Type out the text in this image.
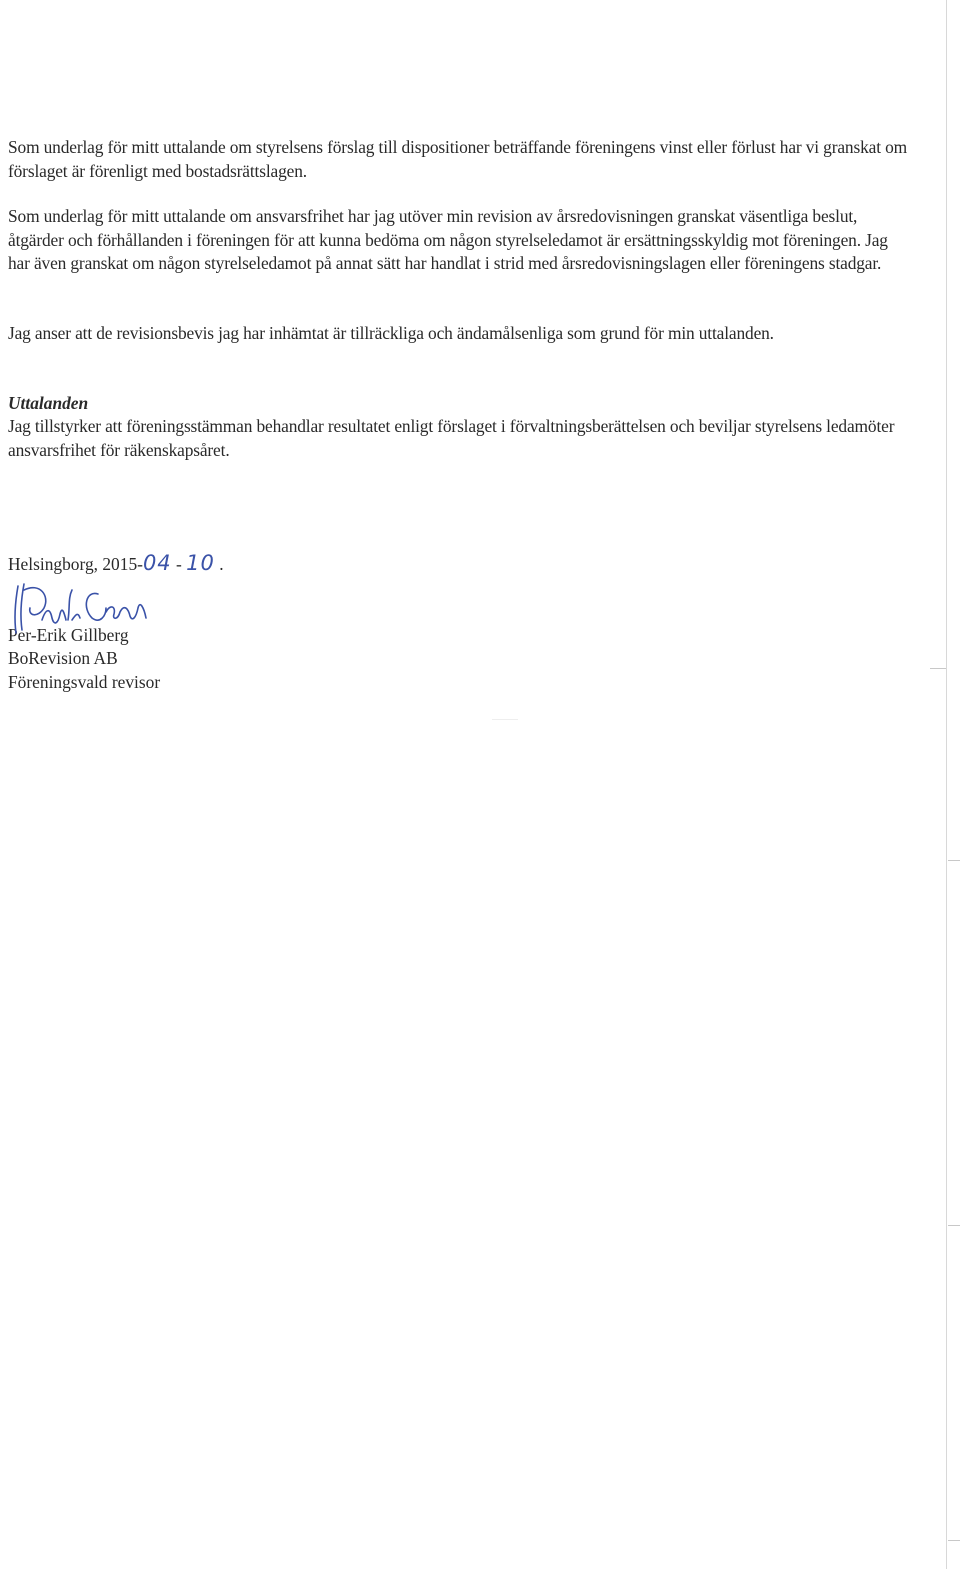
Som underlag för mitt uttalande om styrelsens förslag till dispositioner beträffande föreningens vinst eller förlust har vi granskat om förslaget är förenligt med bostadsrättslagen.

Som underlag för mitt uttalande om ansvarsfrihet har jag utöver min revision av årsredovisningen granskat väsentliga beslut, åtgärder och förhållanden i föreningen för att kunna bedöma om någon styrelseledamot är ersättningsskyldig mot föreningen. Jag har även granskat om någon styrelseledamot på annat sätt har handlat i strid med årsredovisningslagen eller föreningens stadgar.

Jag anser att de revisionsbevis jag har inhämtat är tillräckliga och ändamålsenliga som grund för min uttalanden.

Uttalanden

Jag tillstyrker att föreningsstämman behandlar resultatet enligt förslaget i förvaltningsberättelsen och beviljar styrelsens ledamöter ansvarsfrihet för räkenskapsåret.

Helsingborg, 2015-04 - 10 .
Per-Erik Gillberg
BoRevision AB
Föreningsvald revisor
